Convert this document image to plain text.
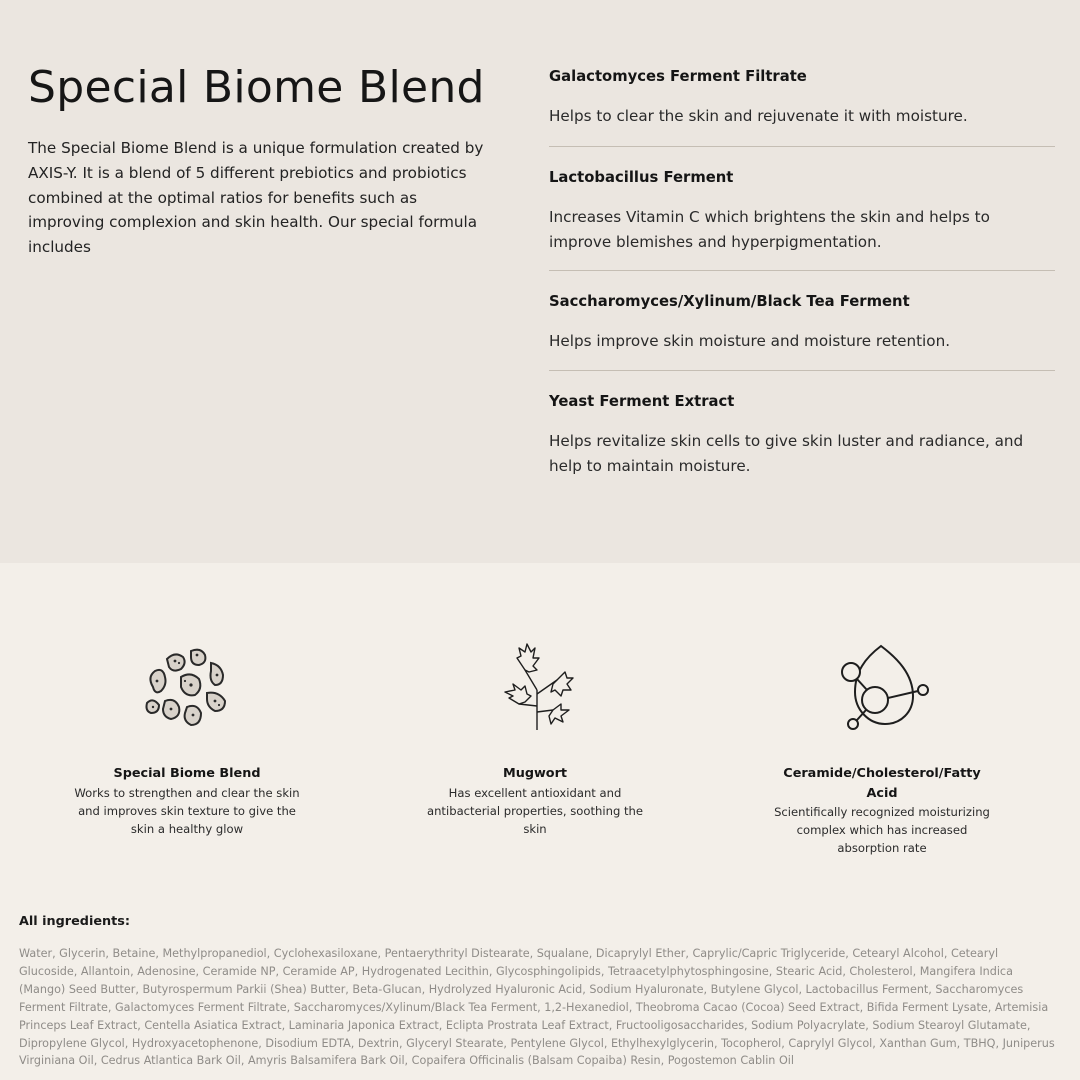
Special Biome Blend

The Special Biome Blend is a unique formulation created by AXIS-Y. It is a blend of 5 different prebiotics and probiotics combined at the optimal ratios for benefits such as improving complexion and skin health. Our special formula includes

Galactomyces Ferment Filtrate
Helps to clear the skin and rejuvenate it with moisture.
Lactobacillus Ferment
Increases Vitamin C which brightens the skin and helps to improve blemishes and hyperpigmentation.
Saccharomyces/Xylinum/Black Tea Ferment
Helps improve skin moisture and moisture retention.
Yeast Ferment Extract
Helps revitalize skin cells to give skin luster and radiance, and help to maintain moisture.
Special Biome Blend
Works to strengthen and clear the skin and improves skin texture to give the skin a healthy glow
Mugwort
Has excellent antioxidant and antibacterial properties, soothing the skin
Ceramide/Cholesterol/Fatty Acid
Scientifically recognized moisturizing complex which has increased absorption rate
All ingredients:
Water, Glycerin, Betaine, Methylpropanediol, Cyclohexasiloxane, Pentaerythrityl Distearate, Squalane, Dicaprylyl Ether, Caprylic/Capric Triglyceride, Cetearyl Alcohol, Cetearyl Glucoside, Allantoin, Adenosine, Ceramide NP, Ceramide AP, Hydrogenated Lecithin, Glycosphingolipids, Tetraacetylphytosphingosine, Stearic Acid, Cholesterol, Mangifera Indica (Mango) Seed Butter, Butyrospermum Parkii (Shea) Butter, Beta-Glucan, Hydrolyzed Hyaluronic Acid, Sodium Hyaluronate, Butylene Glycol, Lactobacillus Ferment, Saccharomyces Ferment Filtrate, Galactomyces Ferment Filtrate, Saccharomyces/Xylinum/Black Tea Ferment, 1,2-Hexanediol, Theobroma Cacao (Cocoa) Seed Extract, Bifida Ferment Lysate, Artemisia Princeps Leaf Extract, Centella Asiatica Extract, Laminaria Japonica Extract, Eclipta Prostrata Leaf Extract, Fructooligosaccharides, Sodium Polyacrylate, Sodium Stearoyl Glutamate, Dipropylene Glycol, Hydroxyacetophenone, Disodium EDTA, Dextrin, Glyceryl Stearate, Pentylene Glycol, Ethylhexylglycerin, Tocopherol, Caprylyl Glycol, Xanthan Gum, TBHQ, Juniperus Virginiana Oil, Cedrus Atlantica Bark Oil, Amyris Balsamifera Bark Oil, Copaifera Officinalis (Balsam Copaiba) Resin, Pogostemon Cablin Oil
